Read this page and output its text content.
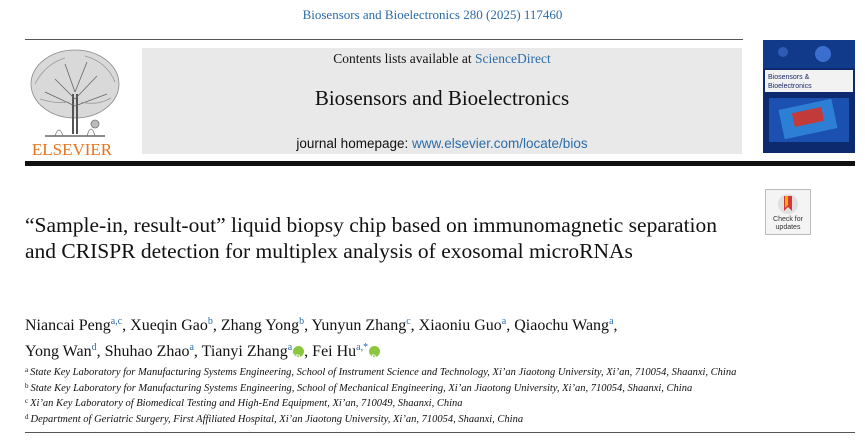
Biosensors and Bioelectronics 280 (2025) 117460
ELSEVIER
Contents lists available at ScienceDirect
Biosensors and Bioelectronics
journal homepage: www.elsevier.com/locate/bios
Biosensors &
Bioelectronics
Check for
updates
“Sample-in, result-out” liquid biopsy chip based on immunomagnetic separation and CRISPR detection for multiplex analysis of exosomal microRNAs
Niancai Peng$^{a,c}$, Xueqin Gao$^b$, Zhang Yong$^b$, Yunyun Zhang$^c$, Xiaoniu Guo$^a$, Qiaochu Wang$^a$,
Yong Wan$^d$, Shuhao Zhao$^a$, Tianyi Zhang$^a$iD , Fei $Hu^{a,*}iD$
$^a$ State Key Laboratory for Manufacturing Systems Engineering, School of Instrument Science and Technology, Xi’an Jiaotong University, Xi’an, 710054, Shaanxi, China
$^b$ State Key Laboratory for Manufacturing Systems Engineering, School of Mechanical Engineering, Xi’an Jiaotong University, Xi’an, 710054, Shaanxi, China
$^c$ Xi’an Key Laboratory of Biomedical Testing and High-End Equipment, Xi’an, 710049, Shaanxi, China
$^d$ Department of Geriatric Surgery, First Affiliated Hospital, Xi’an Jiaotong University, Xi’an, 710054, Shaanxi, China
